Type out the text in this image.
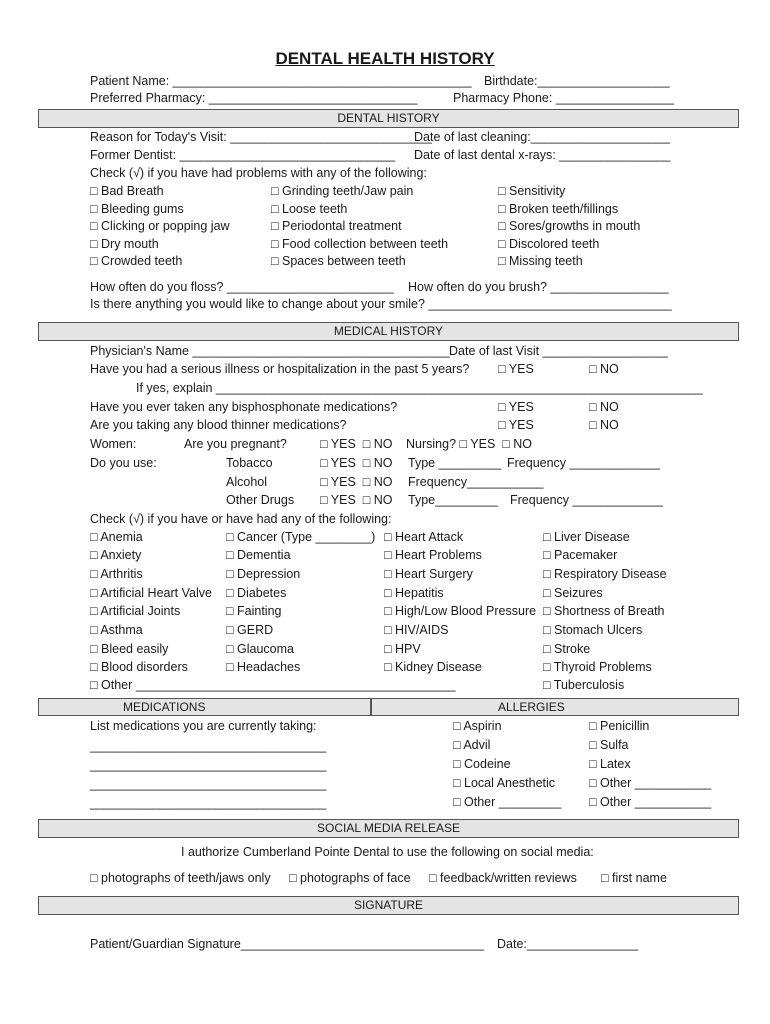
DENTAL HEALTH HISTORY
Patient Name: ___________________________________________ Birthdate:___________________
Preferred Pharmacy: ______________________________	Pharmacy Phone: _________________
DENTAL HISTORY
Reason for Today's Visit: _____________________________
Date of last cleaning:____________________
Former Dentist: _______________________________ Date of last dental x-rays: ________________
Check (√) if you have had problems with any of the following:
□ Bad Breath
□ Bleeding gums
□ Clicking or popping jaw
□ Dry mouth
□ Crowded teeth
□ Grinding teeth/Jaw pain
□ Loose teeth
□ Periodontal treatment
□ Food collection between teeth
□ Spaces between teeth
□ Sensitivity
□ Broken teeth/fillings
□ Sores/growths in mouth
□ Discolored teeth
□ Missing teeth
How often do you floss? ________________________ How often do you brush? _________________
Is there anything you would like to change about your smile? ___________________________________
MEDICAL HISTORY
Physician's Name _____________________________________ Date of last Visit __________________
Have you had a serious illness or hospitalization in the past 5 years? □ YES	□ NO
If yes, explain ______________________________________________________________________
Have you ever taken any bisphosphonate medications?	□ YES	□ NO
Are you taking any blood thinner medications?	□ YES	□ NO
Women:	Are you pregnant?	□ YES  □ NO Nursing? □ YES  □ NO
Do you use:	Tobacco	□ YES  □ NO Type _________ Frequency _____________
Alcohol	□ YES  □ NO Frequency___________
Other Drugs □ YES  □ NO Type_________ Frequency _____________
Check (√) if you have or have had any of the following:
□ Anemia
□ Anxiety
□ Arthritis
□ Artificial Heart Valve
□ Artificial Joints
□ Asthma
□ Bleed easily
□ Blood disorders
□ Other ______________________________________________
□ Cancer (Type ________)
□ Dementia
□ Depression
□ Diabetes
□ Fainting
□ GERD
□ Glaucoma
□ Headaches
□ Heart Attack
□ Heart Problems
□ Heart Surgery
□ Hepatitis
□ High/Low Blood Pressure
□ HIV/AIDS
□ HPV
□ Kidney Disease
□ Liver Disease
□ Pacemaker
□ Respiratory Disease
□ Seizures
□ Shortness of Breath
□ Stomach Ulcers
□ Stroke
□ Thyroid Problems
□ Tuberculosis
MEDICATIONS	ALLERGIES
List medications you are currently taking:
__________________________________
__________________________________
__________________________________
__________________________________
□ Aspirin
□ Advil
□ Codeine
□ Local Anesthetic
□ Other _________
□ Penicillin
□ Sulfa
□ Latex
□ Other ___________
□ Other ___________
SOCIAL MEDIA RELEASE
I authorize Cumberland Pointe Dental to use the following on social media:
□ photographs of teeth/jaws only □ photographs of face □ feedback/written reviews □ first name
SIGNATURE
Patient/Guardian Signature___________________________________ Date:________________
